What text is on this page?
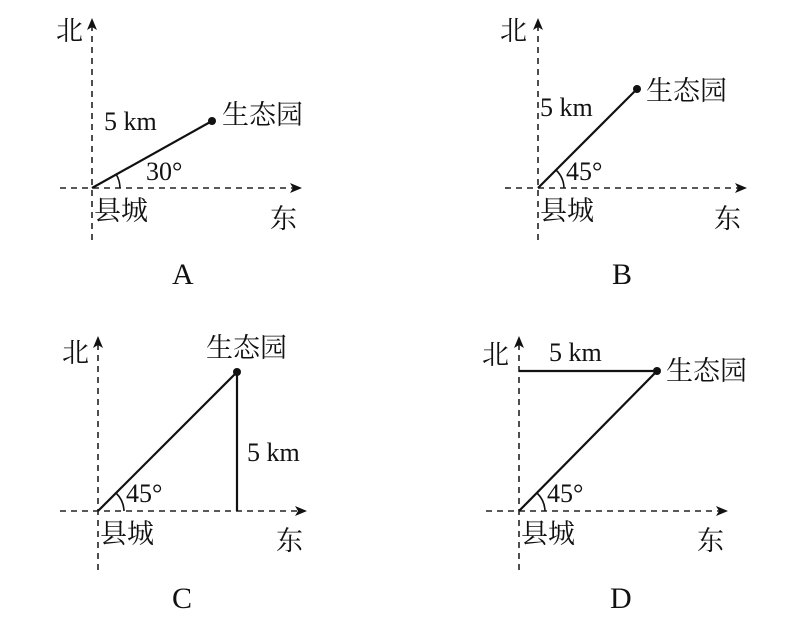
北
东
县城
生态园
5 km
30°
A
北
东
县城
生态园
5 km
45°
B
北
东
县城
生态园
5 km
45°
C
北
东
县城
生态园
5 km
45°
D
